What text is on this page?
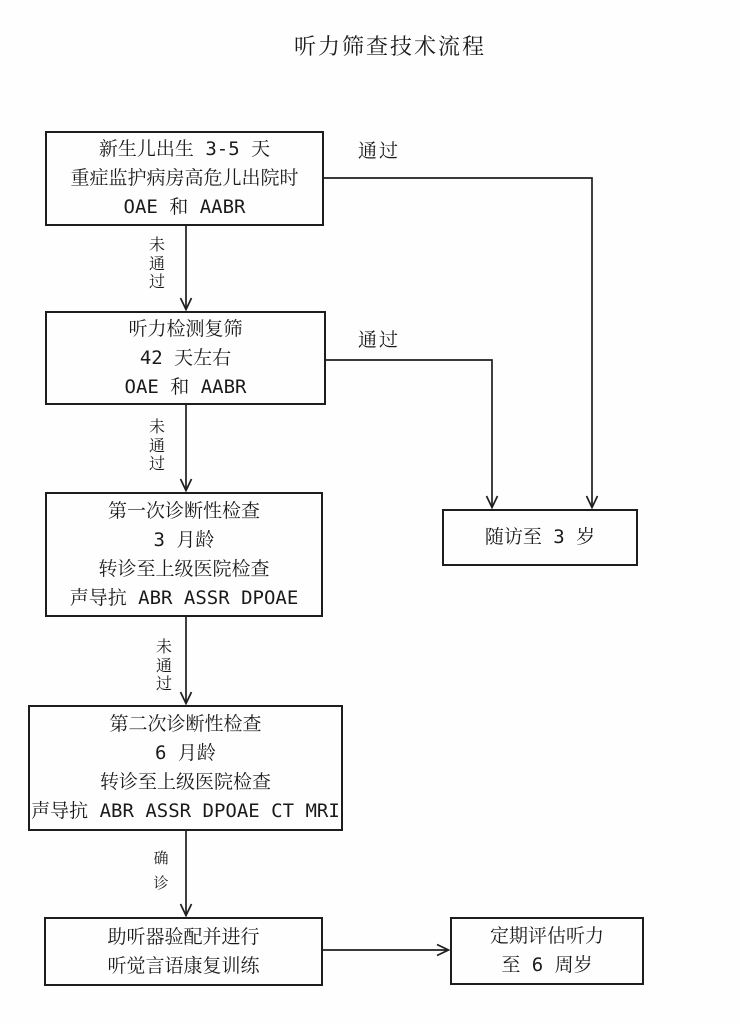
听力筛查技术流程
新生儿出生 3-5 天
重症监护病房高危儿出院时
OAE 和 AABR
听力检测复筛
42 天左右
OAE 和 AABR
第一次诊断性检查
3 月龄
转诊至上级医院检查
声导抗 ABR ASSR DPOAE
第二次诊断性检查
6 月龄
转诊至上级医院检查
声导抗 ABR ASSR DPOAE CT MRI
助听器验配并进行
听觉言语康复训练
随访至 3 岁
定期评估听力
至 6 周岁
通过
通过
未通过
未通过
未通过
确诊
